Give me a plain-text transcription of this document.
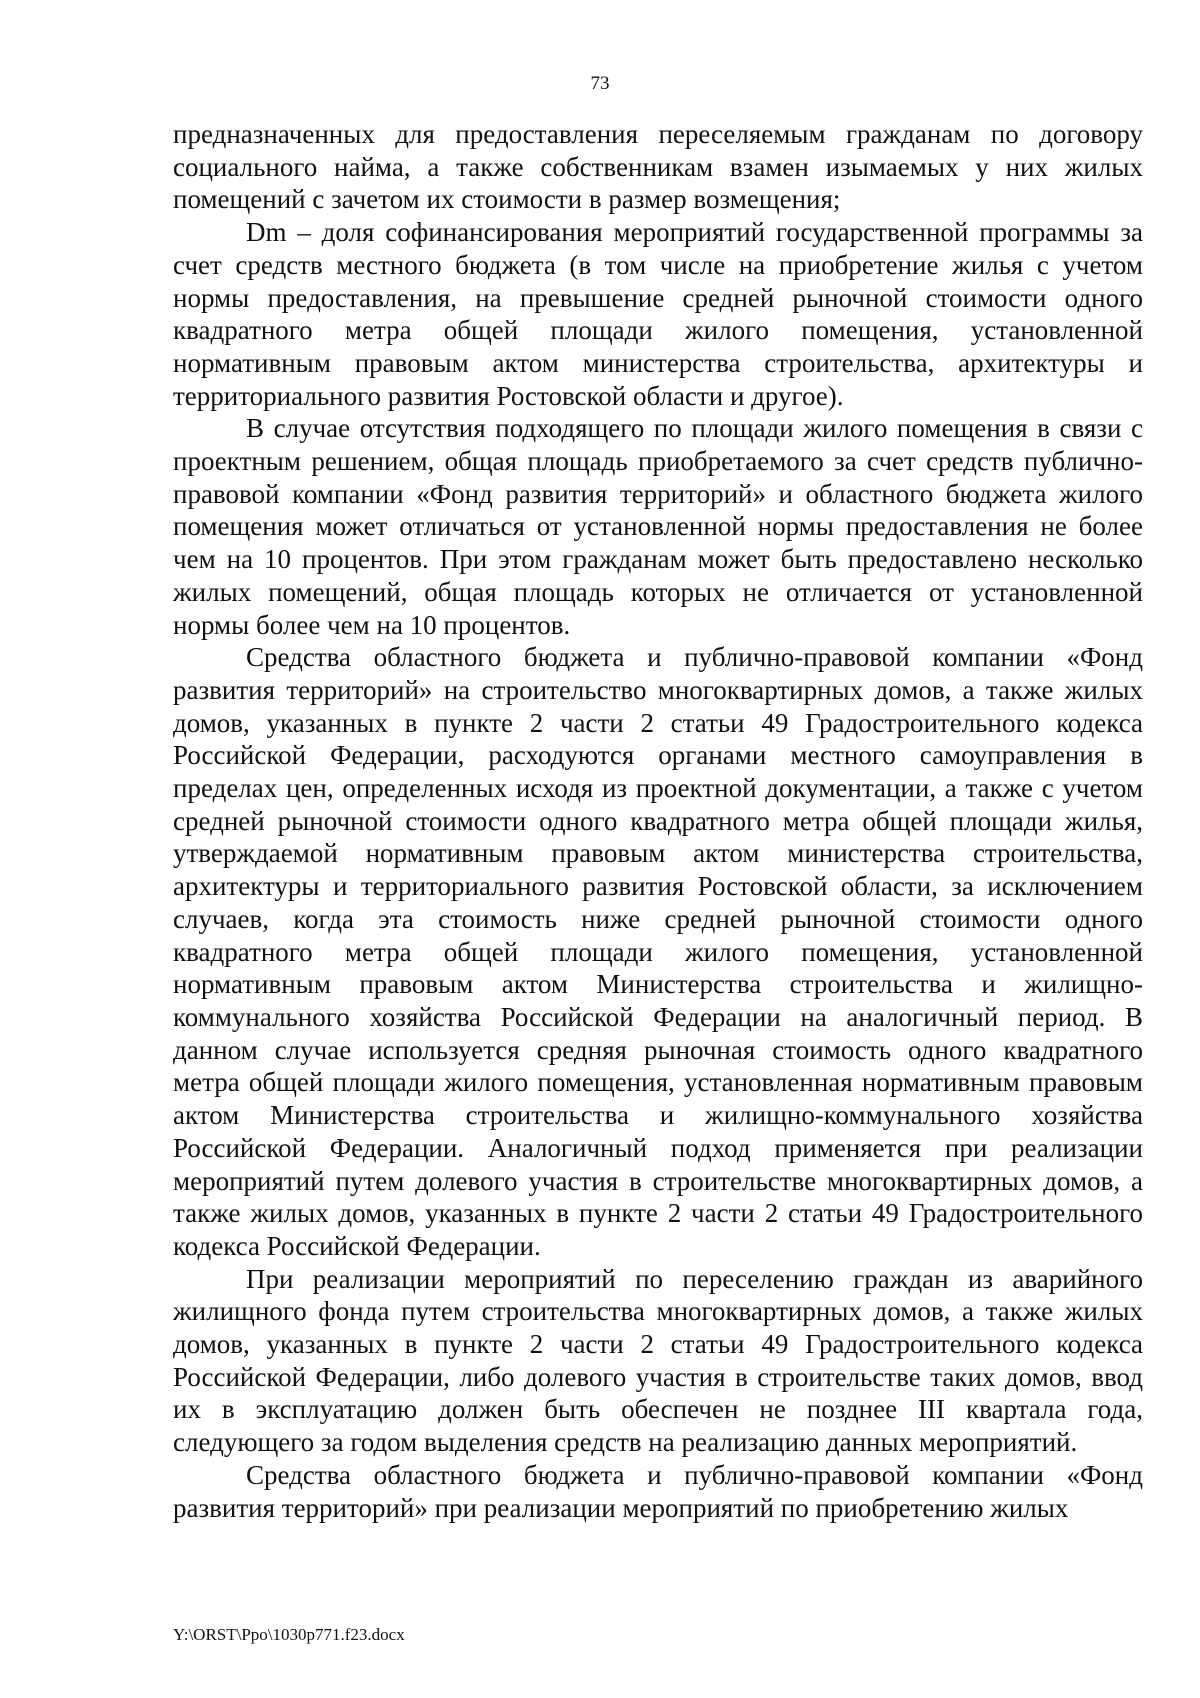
73

предназначенных для предоставления переселяемым гражданам по договору социального найма, а также собственникам взамен изымаемых у них жилых помещений с зачетом их стоимости в размер возмещения;

Dm – доля софинансирования мероприятий государственной программы за счет средств местного бюджета (в том числе на приобретение жилья с учетом нормы предоставления, на превышение средней рыночной стоимости одного квадратного метра общей площади жилого помещения, установленной нормативным правовым актом министерства строительства, архитектуры и территориального развития Ростовской области и другое).

В случае отсутствия подходящего по площади жилого помещения в связи с проектным решением, общая площадь приобретаемого за счет средств публично-правовой компании «Фонд развития территорий» и областного бюджета жилого помещения может отличаться от установленной нормы предоставления не более чем на 10 процентов. При этом гражданам может быть предоставлено несколько жилых помещений, общая площадь которых не отличается от установленной нормы более чем на 10 процентов.

Средства областного бюджета и публично-правовой компании «Фонд развития территорий» на строительство многоквартирных домов, а также жилых домов, указанных в пункте 2 части 2 статьи 49 Градостроительного кодекса Российской Федерации, расходуются органами местного самоуправления в пределах цен, определенных исходя из проектной документации, а также с учетом средней рыночной стоимости одного квадратного метра общей площади жилья, утверждаемой нормативным правовым актом министерства строительства, архитектуры и территориального развития Ростовской области, за исключением случаев, когда эта стоимость ниже средней рыночной стоимости одного квадратного метра общей площади жилого помещения, установленной нормативным правовым актом Министерства строительства и жилищно-коммунального хозяйства Российской Федерации на аналогичный период. В данном случае используется средняя рыночная стоимость одного квадратного метра общей площади жилого помещения, установленная нормативным правовым актом Министерства строительства и жилищно-коммунального хозяйства Российской Федерации. Аналогичный подход применяется при реализации мероприятий путем долевого участия в строительстве многоквартирных домов, а также жилых домов, указанных в пункте 2 части 2 статьи 49 Градостроительного кодекса Российской Федерации.

При реализации мероприятий по переселению граждан из аварийного жилищного фонда путем строительства многоквартирных домов, а также жилых домов, указанных в пункте 2 части 2 статьи 49 Градостроительного кодекса Российской Федерации, либо долевого участия в строительстве таких домов, ввод их в эксплуатацию должен быть обеспечен не позднее III квартала года, следующего за годом выделения средств на реализацию данных мероприятий.

Средства областного бюджета и публично-правовой компании «Фонд развития территорий» при реализации мероприятий по приобретению жилых

Y:\ORST\Ppo\1030p771.f23.docx
